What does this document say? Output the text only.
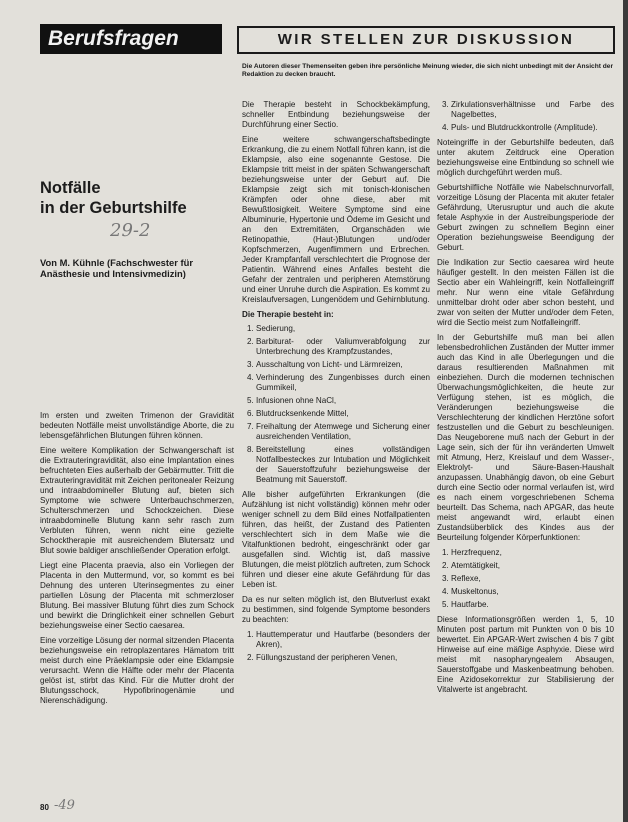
Berufsfragen	WIR STELLEN ZUR DISKUSSION
Die Autoren dieser Themenseiten geben ihre persönliche Meinung wieder, die sich nicht unbedingt mit der Ansicht der Redaktion zu decken braucht.
Notfälle
in der Geburtshilfe
29-2
Von M. Kühnle (Fachschwester für
Anästhesie und Intensivmedizin)

Im ersten und zweiten Trimenon der Gravidität bedeuten Notfälle meist unvollständige Aborte, die zu lebensgefährlichen Blutungen führen können.

Eine weitere Komplikation der Schwangerschaft ist die Extrauteringravidität, also eine Implantation eines befruchteten Eies außerhalb der Gebärmutter. Tritt die Extrauteringravidität mit Zeichen peritonealer Reizung und intraabdomineller Blutung auf, bieten sich Symptome wie schwere Unterbauchschmerzen, Schulterschmerzen und Schockzeichen. Diese intraabdominelle Blutung kann sehr rasch zum Verbluten führen, wenn nicht eine gezielte Schocktherapie mit ausreichendem Blutersatz und Blut sowie baldiger anschließender Operation erfolgt.

Liegt eine Placenta praevia, also ein Vorliegen der Placenta in den Muttermund, vor, so kommt es bei Dehnung des unteren Uterinsegmentes zu einer partiellen Lösung der Placenta mit schmerzloser Blutung. Bei massiver Blutung führt dies zum Schock und bewirkt die Dringlichkeit einer schnellen Geburt beziehungsweise einer Sectio caesarea.

Eine vorzeitige Lösung der normal sitzenden Placenta beziehungsweise ein retroplazentares Hämatom tritt meist durch eine Präeklampsie oder eine Eklampsie verursacht. Wenn die Hälfte oder mehr der Placenta gelöst ist, stirbt das Kind. Für die Mutter droht der Blutungsschock, Hypofibrinogenämie und Nierenschädigung.

Die Therapie besteht in Schockbekämpfung, schneller Entbindung beziehungsweise der Durchführung einer Sectio.

Eine weitere schwangerschaftsbedingte Erkrankung, die zu einem Notfall führen kann, ist die Eklampsie, also eine sogenannte Gestose. Die Eklampsie tritt meist in der späten Schwangerschaft beziehungsweise unter der Geburt auf. Die Eklampsie zeigt sich mit tonisch-klonischen Krämpfen oder ohne diese, aber mit Bewußtlosigkeit. Weitere Symptome sind eine Albuminurie, Hypertonie und Ödeme im Gesicht und an den Extremitäten, Organschäden wie Retinopathie, (Haut-)Blutungen und/oder Kopfschmerzen, Augenflimmern und Erbrechen. Jeder Krampfanfall verschlechtert die Prognose der Patientin. Während eines Anfalles besteht die Gefahr der zentralen und peripheren Atemstörung und einer Unruhe durch die Aspiration. Es kommt zu Kreislaufversagen, Lungenödem und Gehirnblutung.

Die Therapie besteht in:
1. Sedierung,
2. Barbiturat- oder Valiumverabfolgung zur Unterbrechung des Krampfzustandes,
3. Ausschaltung von Licht- und Lärmreizen,
4. Verhinderung des Zungenbisses durch einen Gummikeil,
5. Infusionen ohne NaCl,
6. Blutdrucksenkende Mittel,
7. Freihaltung der Atemwege und Sicherung einer ausreichenden Ventilation,
8. Bereitstellung eines vollständigen Notfallbesteckes zur Intubation und Möglichkeit der Sauerstoffzufuhr beziehungsweise der Beatmung mit Sauerstoff.

Alle bisher aufgeführten Erkrankungen (die Aufzählung ist nicht vollständig) können mehr oder weniger schnell zu dem Bild eines Notfallpatienten führen, das heißt, der Zustand des Patienten verschlechtert sich in dem Maße wie die Vitalfunktionen bedroht, eingeschränkt oder gar ausgefallen sind. Wichtig ist, daß massive Blutungen, die meist plötzlich auftreten, zum Schock führen und dieser eine akute Gefährdung für das Leben ist.

Da es nur selten möglich ist, den Blutverlust exakt zu bestimmen, sind folgende Symptome besonders zu beachten:

1. Hauttemperatur und Hautfarbe (besonders der Akren),
2. Füllungszustand der peripheren Venen,
3. Zirkulationsverhältnisse und Farbe des Nagelbettes,
4. Puls- und Blutdruckkontrolle (Amplitude).

Noteingriffe in der Geburtshilfe bedeuten, daß unter akutem Zeitdruck eine Operation beziehungsweise eine Entbindung so schnell wie möglich durchgeführt werden muß.

Geburtshilfliche Notfälle wie Nabelschnurvorfall, vorzeitige Lösung der Placenta mit akuter fetaler Gefährdung, Uterusruptur und auch die akute fetale Asphyxie in der Austreibungsperiode der Geburt zwingen zu schnellem Beginn einer Operation beziehungsweise Beendigung der Geburt.

Die Indikation zur Sectio caesarea wird heute häufiger gestellt. In den meisten Fällen ist die Sectio aber ein Wahleingriff, kein Notfalleingriff mehr. Nur wenn eine vitale Gefährdung unmittelbar droht oder aber schon besteht, und zwar von seiten der Mutter und/oder dem Feten, wird die Sectio meist zum Notfalleingriff.

In der Geburtshilfe muß man bei allen lebensbedrohlichen Zuständen der Mutter immer auch das Kind in alle Überlegungen und die daraus resultierenden Maßnahmen mit einbeziehen. Durch die modernen technischen Überwachungsmöglichkeiten, die heute zur Verfügung stehen, ist es möglich, die Veränderungen beziehungsweise die Verschlechterung der kindlichen Herztöne sofort festzustellen und die Geburt zu beschleunigen. Das Neugeborene muß nach der Geburt in der Lage sein, sich der für ihn veränderten Umwelt mit Atmung, Herz, Kreislauf und dem Wasser-, Elektrolyt- und Säure-Basen-Haushalt anzupassen. Unabhängig davon, ob eine Geburt durch eine Sectio oder normal verlaufen ist, wird es nach einem vorgeschriebenen Schema beurteilt. Das Schema, nach APGAR, das heute meist angewandt wird, erlaubt einen Zustandsüberblick des Kindes aus der Beurteilung folgender Körperfunktionen:

1. Herzfrequenz,
2. Atemtätigkeit,
3. Reflexe,
4. Muskeltonus,
5. Hautfarbe.

Diese Informationsgrößen werden 1, 5, 10 Minuten post partum mit Punkten von 0 bis 10 bewertet. Ein APGAR-Wert zwischen 4 bis 7 gibt Hinweise auf eine mäßige Asphyxie. Diese wird meist mit nasopharyngealem Absaugen, Sauerstoffgabe und Maskenbeatmung behoben. Eine Azidosekorrektur zur Stabilisierung der Vitalwerte ist angebracht.

80 -49
